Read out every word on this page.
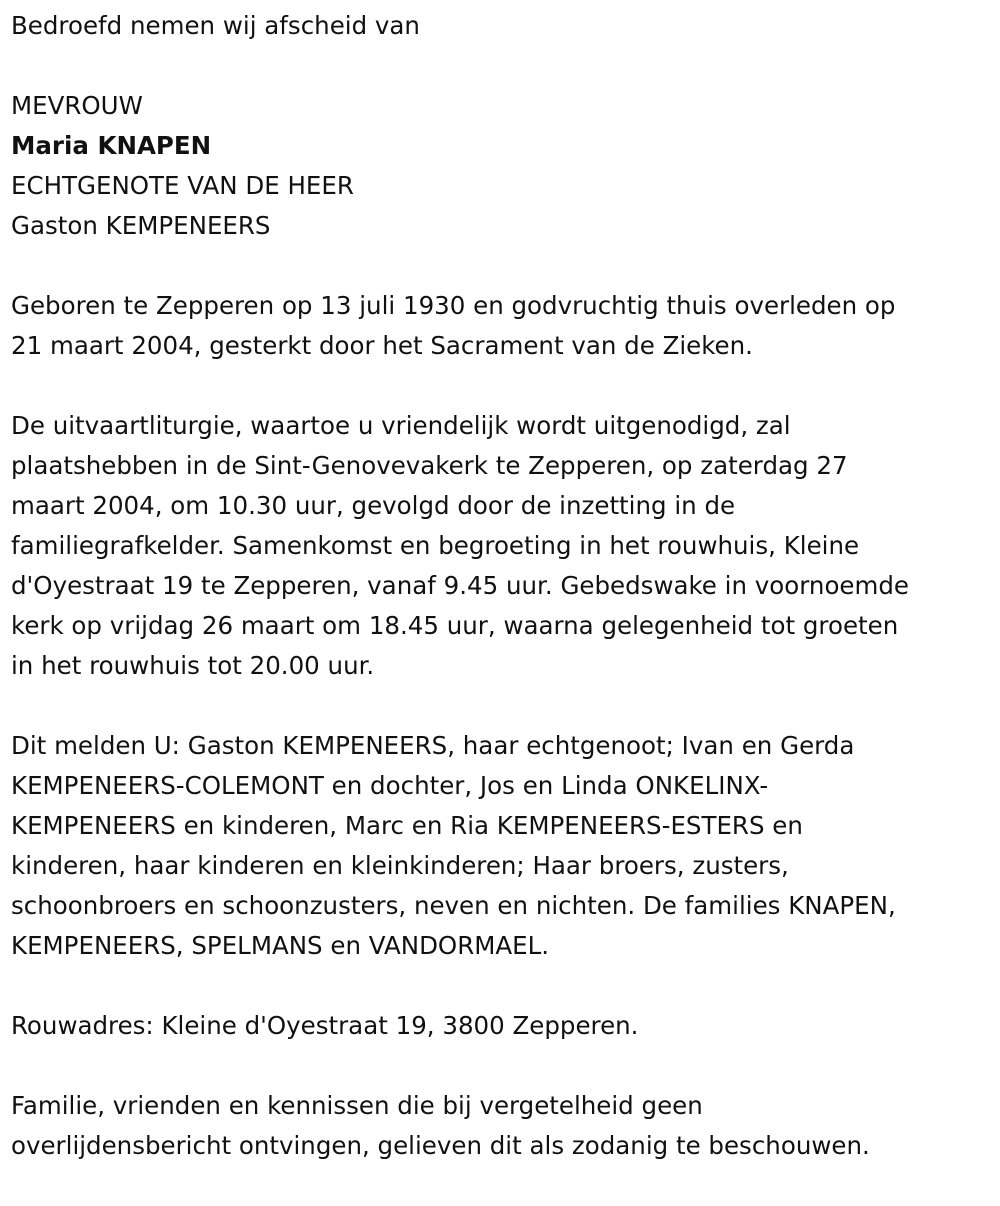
Bedroefd nemen wij afscheid van
MEVROUW
Maria KNAPEN
ECHTGENOTE VAN DE HEER
Gaston KEMPENEERS
Geboren te Zepperen op 13 juli 1930 en godvruchtig thuis overleden op
21 maart 2004, gesterkt door het Sacrament van de Zieken.
De uitvaartliturgie, waartoe u vriendelijk wordt uitgenodigd, zal
plaatshebben in de Sint-Genovevakerk te Zepperen, op zaterdag 27
maart 2004, om 10.30 uur, gevolgd door de inzetting in de
familiegrafkelder. Samenkomst en begroeting in het rouwhuis, Kleine
d'Oyestraat 19 te Zepperen, vanaf 9.45 uur. Gebedswake in voornoemde
kerk op vrijdag 26 maart om 18.45 uur, waarna gelegenheid tot groeten
in het rouwhuis tot 20.00 uur.
Dit melden U: Gaston KEMPENEERS, haar echtgenoot; Ivan en Gerda
KEMPENEERS-COLEMONT en dochter, Jos en Linda ONKELINX-
KEMPENEERS en kinderen, Marc en Ria KEMPENEERS-ESTERS en
kinderen, haar kinderen en kleinkinderen; Haar broers, zusters,
schoonbroers en schoonzusters, neven en nichten. De families KNAPEN,
KEMPENEERS, SPELMANS en VANDORMAEL.
Rouwadres: Kleine d'Oyestraat 19, 3800 Zepperen.
Familie, vrienden en kennissen die bij vergetelheid geen
overlijdensbericht ontvingen, gelieven dit als zodanig te beschouwen.
